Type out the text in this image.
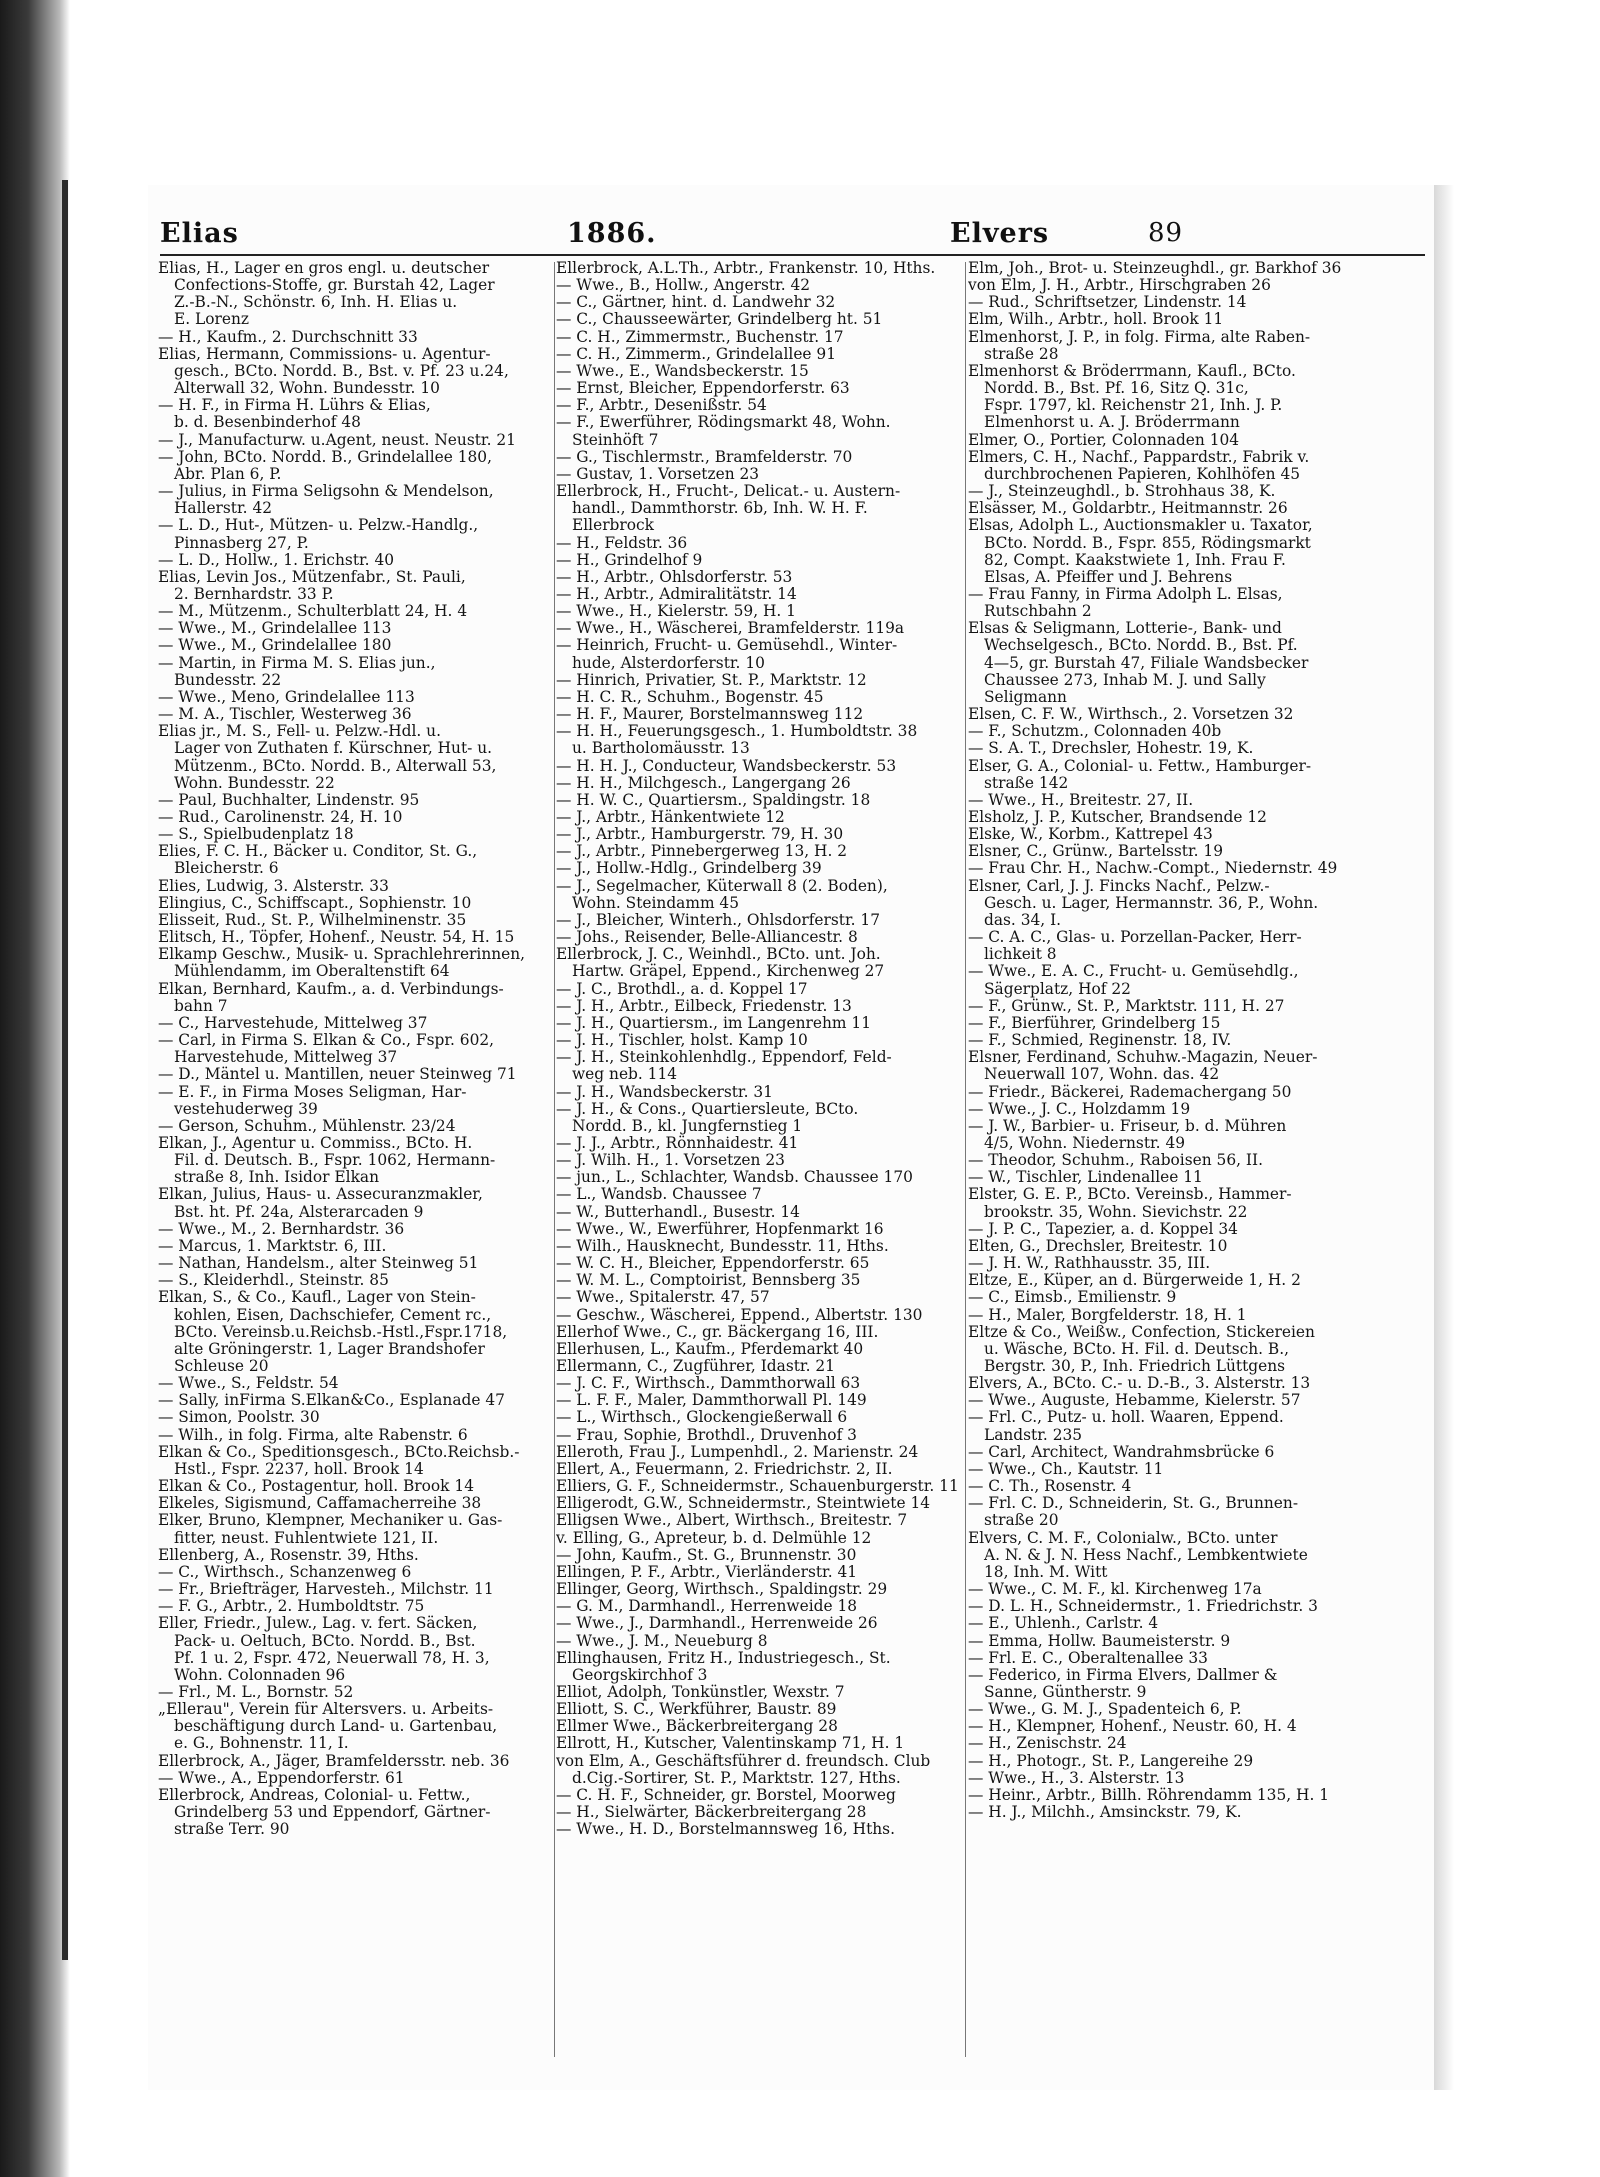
Elias	1886.	Elvers	89
Elias, H., Lager en gros engl. u. deutscher
Confections-Stoffe, gr. Burstah 42, Lager
Z.-B.-N., Schönstr. 6, Inh. H. Elias u.
E. Lorenz
— H., Kaufm., 2. Durchschnitt 33
Elias, Hermann, Commissions- u. Agentur-
gesch., BCto. Nordd. B., Bst. v. Pf. 23 u.24,
Alterwall 32, Wohn. Bundesstr. 10
— H. F., in Firma H. Lührs & Elias,
b. d. Besenbinderhof 48
— J., Manufacturw. u.Agent, neust. Neustr. 21
— John, BCto. Nordd. B., Grindelallee 180,
Abr. Plan 6, P.
— Julius, in Firma Seligsohn & Mendelson,
Hallerstr. 42
— L. D., Hut-, Mützen- u. Pelzw.-Handlg.,
Pinnasberg 27, P.
— L. D., Hollw., 1. Erichstr. 40
Elias, Levin Jos., Mützenfabr., St. Pauli,
2. Bernhardstr. 33 P.
— M., Mützenm., Schulterblatt 24, H. 4
— Wwe., M., Grindelallee 113
— Wwe., M., Grindelallee 180
— Martin, in Firma M. S. Elias jun.,
Bundesstr. 22
— Wwe., Meno, Grindelallee 113
— M. A., Tischler, Westerweg 36
Elias jr., M. S., Fell- u. Pelzw.-Hdl. u.
Lager von Zuthaten f. Kürschner, Hut- u.
Mützenm., BCto. Nordd. B., Alterwall 53,
Wohn. Bundesstr. 22
— Paul, Buchhalter, Lindenstr. 95
— Rud., Carolinenstr. 24, H. 10
— S., Spielbudenplatz 18
Elies, F. C. H., Bäcker u. Conditor, St. G.,
Bleicherstr. 6
Elies, Ludwig, 3. Alsterstr. 33
Elingius, C., Schiffscapt., Sophienstr. 10
Elisseit, Rud., St. P., Wilhelminenstr. 35
Elitsch, H., Töpfer, Hohenf., Neustr. 54, H. 15
Elkamp Geschw., Musik- u. Sprachlehrerinnen,
Mühlendamm, im Oberaltenstift 64
Elkan, Bernhard, Kaufm., a. d. Verbindungs-
bahn 7
— C., Harvestehude, Mittelweg 37
— Carl, in Firma S. Elkan & Co., Fspr. 602,
Harvestehude, Mittelweg 37
— D., Mäntel u. Mantillen, neuer Steinweg 71
— E. F., in Firma Moses Seligman, Har-
vestehuderweg 39
— Gerson, Schuhm., Mühlenstr. 23/24
Elkan, J., Agentur u. Commiss., BCto. H.
Fil. d. Deutsch. B., Fspr. 1062, Hermann-
straße 8, Inh. Isidor Elkan
Elkan, Julius, Haus- u. Assecuranzmakler,
Bst. ht. Pf. 24a, Alsterarcaden 9
— Wwe., M., 2. Bernhardstr. 36
— Marcus, 1. Marktstr. 6, III.
— Nathan, Handelsm., alter Steinweg 51
— S., Kleiderhdl., Steinstr. 85
Elkan, S., & Co., Kaufl., Lager von Stein-
kohlen, Eisen, Dachschiefer, Cement rc.,
BCto. Vereinsb.u.Reichsb.-Hstl.,Fspr.1718,
alte Gröningerstr. 1, Lager Brandshofer
Schleuse 20
— Wwe., S., Feldstr. 54
— Sally, inFirma S.Elkan&Co., Esplanade 47
— Simon, Poolstr. 30
— Wilh., in folg. Firma, alte Rabenstr. 6
Elkan & Co., Speditionsgesch., BCto.Reichsb.-
Hstl., Fspr. 2237, holl. Brook 14
Elkan & Co., Postagentur, holl. Brook 14
Elkeles, Sigismund, Caffamacherreihe 38
Elker, Bruno, Klempner, Mechaniker u. Gas-
fitter, neust. Fuhlentwiete 121, II.
Ellenberg, A., Rosenstr. 39, Hths.
— C., Wirthsch., Schanzenweg 6
— Fr., Briefträger, Harvesteh., Milchstr. 11
— F. G., Arbtr., 2. Humboldtstr. 75
Eller, Friedr., Julew., Lag. v. fert. Säcken,
Pack- u. Oeltuch, BCto. Nordd. B., Bst.
Pf. 1 u. 2, Fspr. 472, Neuerwall 78, H. 3,
Wohn. Colonnaden 96
— Frl., M. L., Bornstr. 52
„Ellerau", Verein für Altersvers. u. Arbeits-
beschäftigung durch Land- u. Gartenbau,
e. G., Bohnenstr. 11, I.
Ellerbrock, A., Jäger, Bramfeldersstr. neb. 36
— Wwe., A., Eppendorferstr. 61
Ellerbrock, Andreas, Colonial- u. Fettw.,
Grindelberg 53 und Eppendorf, Gärtner-
straße Terr. 90
Ellerbrock, A.L.Th., Arbtr., Frankenstr. 10, Hths.
— Wwe., B., Hollw., Angerstr. 42
— C., Gärtner, hint. d. Landwehr 32
— C., Chausseewärter, Grindelberg ht. 51
— C. H., Zimmermstr., Buchenstr. 17
— C. H., Zimmerm., Grindelallee 91
— Wwe., E., Wandsbeckerstr. 15
— Ernst, Bleicher, Eppendorferstr. 63
— F., Arbtr., Desenißstr. 54
— F., Ewerführer, Rödingsmarkt 48, Wohn.
Steinhöft 7
— G., Tischlermstr., Bramfelderstr. 70
— Gustav, 1. Vorsetzen 23
Ellerbrock, H., Frucht-, Delicat.- u. Austern-
handl., Dammthorstr. 6b, Inh. W. H. F.
Ellerbrock
— H., Feldstr. 36
— H., Grindelhof 9
— H., Arbtr., Ohlsdorferstr. 53
— H., Arbtr., Admiralitätstr. 14
— Wwe., H., Kielerstr. 59, H. 1
— Wwe., H., Wäscherei, Bramfelderstr. 119a
— Heinrich, Frucht- u. Gemüsehdl., Winter-
hude, Alsterdorferstr. 10
— Hinrich, Privatier, St. P., Marktstr. 12
— H. C. R., Schuhm., Bogenstr. 45
— H. F., Maurer, Borstelmannsweg 112
— H. H., Feuerungsgesch., 1. Humboldtstr. 38
u. Bartholomäusstr. 13
— H. H. J., Conducteur, Wandsbeckerstr. 53
— H. H., Milchgesch., Langergang 26
— H. W. C., Quartiersm., Spaldingstr. 18
— J., Arbtr., Hänkentwiete 12
— J., Arbtr., Hamburgerstr. 79, H. 30
— J., Arbtr., Pinnebergerweg 13, H. 2
— J., Hollw.-Hdlg., Grindelberg 39
— J., Segelmacher, Küterwall 8 (2. Boden),
Wohn. Steindamm 45
— J., Bleicher, Winterh., Ohlsdorferstr. 17
— Johs., Reisender, Belle-Alliancestr. 8
Ellerbrock, J. C., Weinhdl., BCto. unt. Joh.
Hartw. Gräpel, Eppend., Kirchenweg 27
— J. C., Brothdl., a. d. Koppel 17
— J. H., Arbtr., Eilbeck, Friedenstr. 13
— J. H., Quartiersm., im Langenrehm 11
— J. H., Tischler, holst. Kamp 10
— J. H., Steinkohlenhdlg., Eppendorf, Feld-
weg neb. 114
— J. H., Wandsbeckerstr. 31
— J. H., & Cons., Quartiersleute, BCto.
Nordd. B., kl. Jungfernstieg 1
— J. J., Arbtr., Rönnhaidestr. 41
— J. Wilh. H., 1. Vorsetzen 23
— jun., L., Schlachter, Wandsb. Chaussee 170
— L., Wandsb. Chaussee 7
— W., Butterhandl., Busestr. 14
— Wwe., W., Ewerführer, Hopfenmarkt 16
— Wilh., Hausknecht, Bundesstr. 11, Hths.
— W. C. H., Bleicher, Eppendorferstr. 65
— W. M. L., Comptoirist, Bennsberg 35
— Wwe., Spitalerstr. 47, 57
— Geschw., Wäscherei, Eppend., Albertstr. 130
Ellerhof Wwe., C., gr. Bäckergang 16, III.
Ellerhusen, L., Kaufm., Pferdemarkt 40
Ellermann, C., Zugführer, Idastr. 21
— J. C. F., Wirthsch., Dammthorwall 63
— L. F. F., Maler, Dammthorwall Pl. 149
— L., Wirthsch., Glockengießerwall 6
— Frau, Sophie, Brothdl., Druvenhof 3
Elleroth, Frau J., Lumpenhdl., 2. Marienstr. 24
Ellert, A., Feuermann, 2. Friedrichstr. 2, II.
Elliers, G. F., Schneidermstr., Schauenburgerstr. 11
Elligerodt, G.W., Schneidermstr., Steintwiete 14
Elligsen Wwe., Albert, Wirthsch., Breitestr. 7
v. Elling, G., Apreteur, b. d. Delmühle 12
— John, Kaufm., St. G., Brunnenstr. 30
Ellingen, P. F., Arbtr., Vierländerstr. 41
Ellinger, Georg, Wirthsch., Spaldingstr. 29
— G. M., Darmhandl., Herrenweide 18
— Wwe., J., Darmhandl., Herrenweide 26
— Wwe., J. M., Neueburg 8
Ellinghausen, Fritz H., Industriegesch., St.
Georgskirchhof 3
Elliot, Adolph, Tonkünstler, Wexstr. 7
Elliott, S. C., Werkführer, Baustr. 89
Ellmer Wwe., Bäckerbreitergang 28
Ellrott, H., Kutscher, Valentinskamp 71, H. 1
von Elm, A., Geschäftsführer d. freundsch. Club
d.Cig.-Sortirer, St. P., Marktstr. 127, Hths.
— C. H. F., Schneider, gr. Borstel, Moorweg
— H., Sielwärter, Bäckerbreitergang 28
— Wwe., H. D., Borstelmannsweg 16, Hths.
Elm, Joh., Brot- u. Steinzeughdl., gr. Barkhof 36
von Elm, J. H., Arbtr., Hirschgraben 26
— Rud., Schriftsetzer, Lindenstr. 14
Elm, Wilh., Arbtr., holl. Brook 11
Elmenhorst, J. P., in folg. Firma, alte Raben-
straße 28
Elmenhorst & Bröderrmann, Kaufl., BCto.
Nordd. B., Bst. Pf. 16, Sitz Q. 31c,
Fspr. 1797, kl. Reichenstr 21, Inh. J. P.
Elmenhorst u. A. J. Bröderrmann
Elmer, O., Portier, Colonnaden 104
Elmers, C. H., Nachf., Pappardstr., Fabrik v.
durchbrochenen Papieren, Kohlhöfen 45
— J., Steinzeughdl., b. Strohhaus 38, K.
Elsässer, M., Goldarbtr., Heitmannstr. 26
Elsas, Adolph L., Auctionsmakler u. Taxator,
BCto. Nordd. B., Fspr. 855, Rödingsmarkt
82, Compt. Kaakstwiete 1, Inh. Frau F.
Elsas, A. Pfeiffer und J. Behrens
— Frau Fanny, in Firma Adolph L. Elsas,
Rutschbahn 2
Elsas & Seligmann, Lotterie-, Bank- und
Wechselgesch., BCto. Nordd. B., Bst. Pf.
4—5, gr. Burstah 47, Filiale Wandsbecker
Chaussee 273, Inhab M. J. und Sally
Seligmann
Elsen, C. F. W., Wirthsch., 2. Vorsetzen 32
— F., Schutzm., Colonnaden 40b
— S. A. T., Drechsler, Hohestr. 19, K.
Elser, G. A., Colonial- u. Fettw., Hamburger-
straße 142
— Wwe., H., Breitestr. 27, II.
Elsholz, J. P., Kutscher, Brandsende 12
Elske, W., Korbm., Kattrepel 43
Elsner, C., Grünw., Bartelsstr. 19
— Frau Chr. H., Nachw.-Compt., Niedernstr. 49
Elsner, Carl, J. J. Fincks Nachf., Pelzw.-
Gesch. u. Lager, Hermannstr. 36, P., Wohn.
das. 34, I.
— C. A. C., Glas- u. Porzellan-Packer, Herr-
lichkeit 8
— Wwe., E. A. C., Frucht- u. Gemüsehdlg.,
Sägerplatz, Hof 22
— F., Grünw., St. P., Marktstr. 111, H. 27
— F., Bierführer, Grindelberg 15
— F., Schmied, Reginenstr. 18, IV.
Elsner, Ferdinand, Schuhw.-Magazin, Neuer-
Neuerwall 107, Wohn. das. 42
— Friedr., Bäckerei, Rademachergang 50
— Wwe., J. C., Holzdamm 19
— J. W., Barbier- u. Friseur, b. d. Mühren
4/5, Wohn. Niedernstr. 49
— Theodor, Schuhm., Raboisen 56, II.
— W., Tischler, Lindenallee 11
Elster, G. E. P., BCto. Vereinsb., Hammer-
brookstr. 35, Wohn. Sievichstr. 22
— J. P. C., Tapezier, a. d. Koppel 34
Elten, G., Drechsler, Breitestr. 10
— J. H. W., Rathhausstr. 35, III.
Eltze, E., Küper, an d. Bürgerweide 1, H. 2
— C., Eimsb., Emilienstr. 9
— H., Maler, Borgfelderstr. 18, H. 1
Eltze & Co., Weißw., Confection, Stickereien
u. Wäsche, BCto. H. Fil. d. Deutsch. B.,
Bergstr. 30, P., Inh. Friedrich Lüttgens
Elvers, A., BCto. C.- u. D.-B., 3. Alsterstr. 13
— Wwe., Auguste, Hebamme, Kielerstr. 57
— Frl. C., Putz- u. holl. Waaren, Eppend.
Landstr. 235
— Carl, Architect, Wandrahmsbrücke 6
— Wwe., Ch., Kautstr. 11
— C. Th., Rosenstr. 4
— Frl. C. D., Schneiderin, St. G., Brunnen-
straße 20
Elvers, C. M. F., Colonialw., BCto. unter
A. N. & J. N. Hess Nachf., Lembkentwiete
18, Inh. M. Witt
— Wwe., C. M. F., kl. Kirchenweg 17a
— D. L. H., Schneidermstr., 1. Friedrichstr. 3
— E., Uhlenh., Carlstr. 4
— Emma, Hollw. Baumeisterstr. 9
— Frl. E. C., Oberaltenallee 33
— Federico, in Firma Elvers, Dallmer &
Sanne, Güntherstr. 9
— Wwe., G. M. J., Spadenteich 6, P.
— H., Klempner, Hohenf., Neustr. 60, H. 4
— H., Zenischstr. 24
— H., Photogr., St. P., Langereihe 29
— Wwe., H., 3. Alsterstr. 13
— Heinr., Arbtr., Billh. Röhrendamm 135, H. 1
— H. J., Milchh., Amsinckstr. 79, K.
